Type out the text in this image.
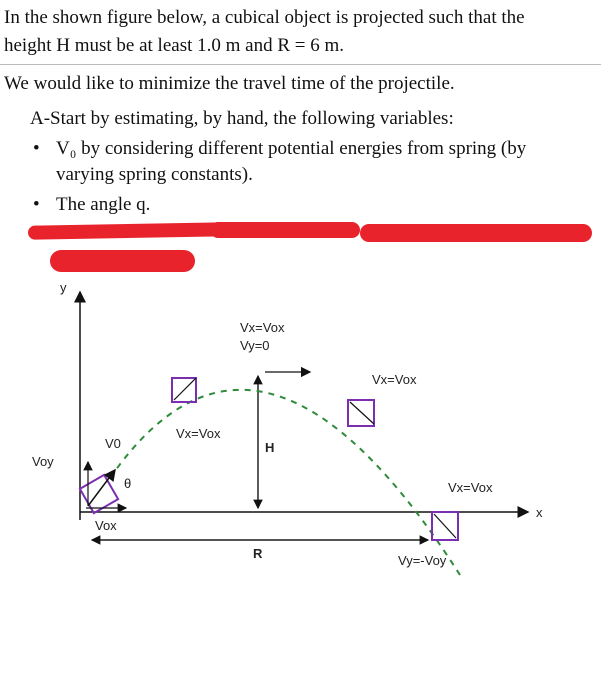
In the shown figure below, a cubical object is projected such that the
height H must be at least 1.0 m and R = 6 m.
We would like to minimize the travel time of the projectile.
A-Start by estimating, by hand, the following variables:
• V₀ by considering different potential energies from spring (by
varying spring constants).
• The angle q.
y
x
R
H
Voy
Vox
V0
θ
Vx=Vox
Vx=Vox
Vy=0
Vx=Vox
Vx=Vox
Vy=-Voy
